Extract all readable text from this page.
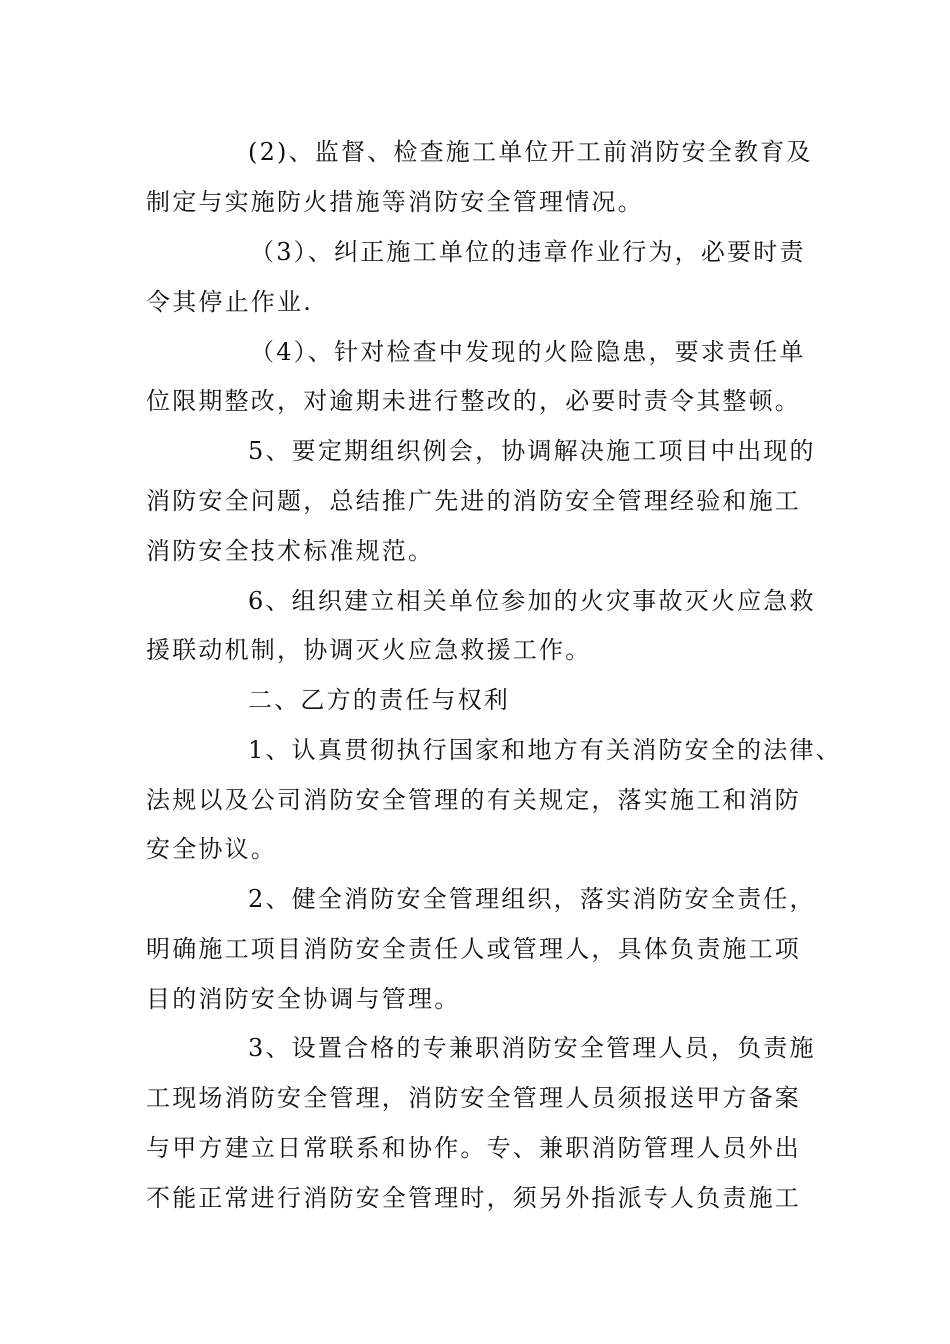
(2)、监督、检查施工单位开工前消防安全教育及
制定与实施防火措施等消防安全管理情况。
（3）、纠正施工单位的违章作业行为，必要时责
令其停止作业.
（4）、针对检查中发现的火险隐患，要求责任单
位限期整改，对逾期未进行整改的，必要时责令其整顿。
5、要定期组织例会，协调解决施工项目中出现的
消防安全问题，总结推广先进的消防安全管理经验和施工
消防安全技术标准规范。
6、组织建立相关单位参加的火灾事故灭火应急救
援联动机制，协调灭火应急救援工作。
二、乙方的责任与权利
1、认真贯彻执行国家和地方有关消防安全的法律、
法规以及公司消防安全管理的有关规定，落实施工和消防
安全协议。
2、健全消防安全管理组织，落实消防安全责任，
明确施工项目消防安全责任人或管理人，具体负责施工项
目的消防安全协调与管理。
3、设置合格的专兼职消防安全管理人员，负责施
工现场消防安全管理，消防安全管理人员须报送甲方备案
与甲方建立日常联系和协作。专、兼职消防管理人员外出
不能正常进行消防安全管理时，须另外指派专人负责施工
